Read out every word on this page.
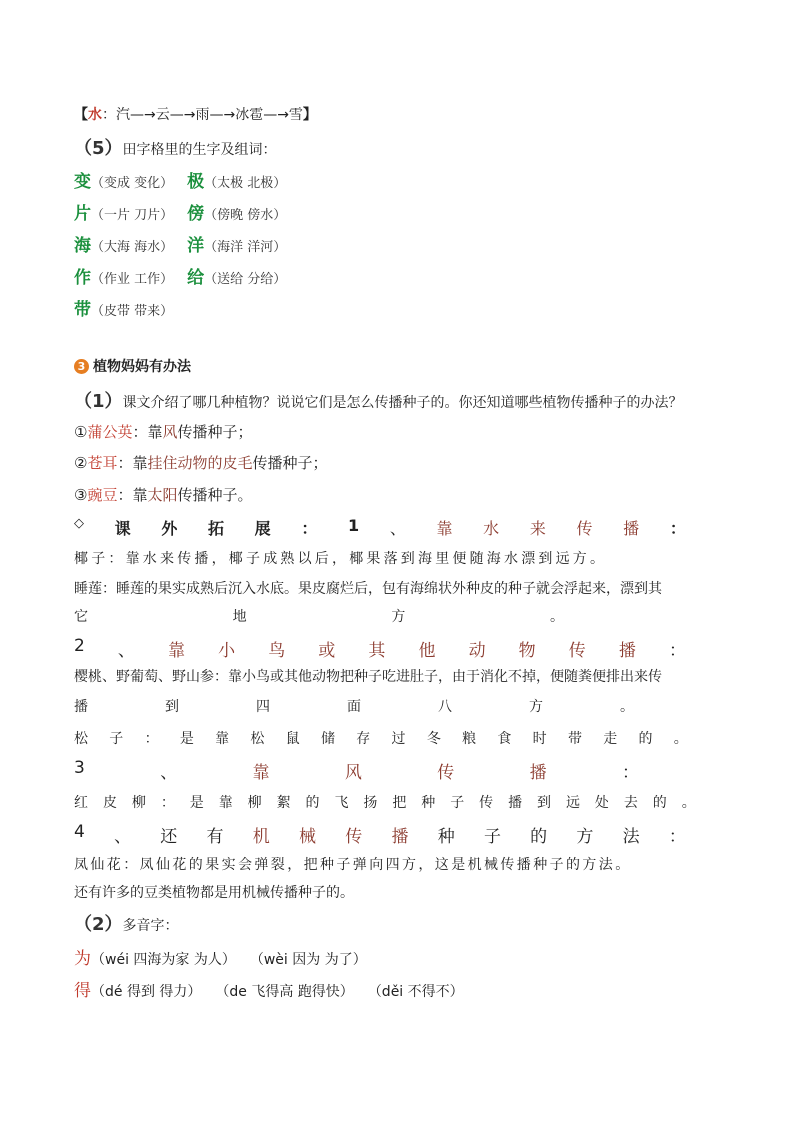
【水：汽—→云—→雨—→冰雹—→雪】
（5）田字格里的生字及组词：
变（变成 变化） 极（太极 北极）
片（一片 刀片） 傍（傍晚 傍水）
海（大海 海水） 洋（海洋 洋河）
作（作业 工作） 给（送给 分给）
带（皮带 带来）
3 植物妈妈有办法
（1）课文介绍了哪几种植物？说说它们是怎么传播种子的。你还知道哪些植物传播种子的办法？
①蒲公英：靠风传播种子；
②苍耳：靠挂住动物的皮毛传播种子；
③豌豆：靠太阳传播种子。
◇ 课 外 拓 展 ： 1 、 靠 水 来 传 播 ：
椰子：靠水来传播，椰子成熟以后，椰果落到海里便随海水漂到远方。
睡莲：睡莲的果实成熟后沉入水底。果皮腐烂后，包有海绵状外种皮的种子就会浮起来，漂到其
它	地	方	。
2 、 靠 小 鸟 或 其 他 动 物 传 播 ：
樱桃、野葡萄、野山参：靠小鸟或其他动物把种子吃进肚子，由于消化不掉，便随粪便排出来传
播	到	四	面	八	方	。
松 子 ： 是 靠 松 鼠 储 存 过 冬 粮 食 时 带 走 的 。
3	、	靠	风	传	播	：
红 皮 柳 ： 是 靠 柳 絮 的 飞 扬 把 种 子 传 播 到 远 处 去 的 。
4 、 还 有 机 械 传 播 种 子 的 方 法 ：
凤仙花：凤仙花的果实会弹裂，把种子弹向四方，这是机械传播种子的方法。
还有许多的豆类植物都是用机械传播种子的。
（2）多音字：
为（wéi 四海为家 为人） （wèi 因为 为了）
得（dé 得到 得力） （de 飞得高 跑得快） （děi 不得不）
